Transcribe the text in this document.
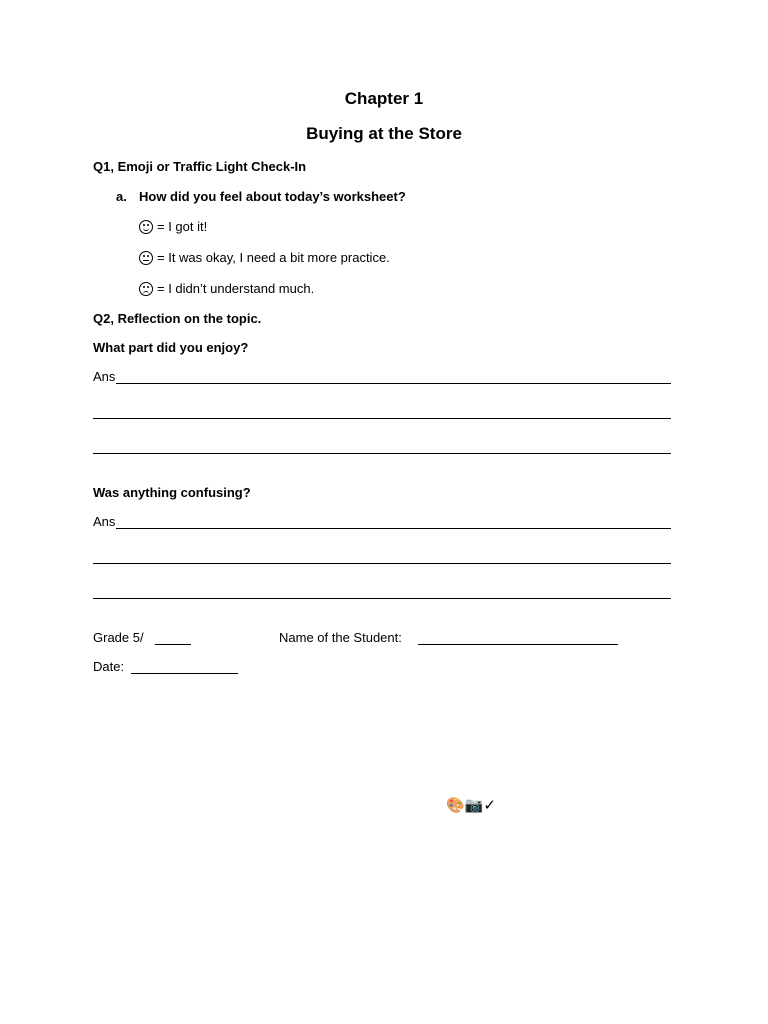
Chapter 1
Buying at the Store
Q1, Emoji or Traffic Light Check-In
a. How did you feel about today’s worksheet?
= I got it!
= It was okay, I need a bit more practice.
= I didn’t understand much.
Q2, Reflection on the topic.
What part did you enjoy?
Ans
Was anything confusing?
Ans
Grade 5/	Name of the Student:
Date:
🎨📷✓
